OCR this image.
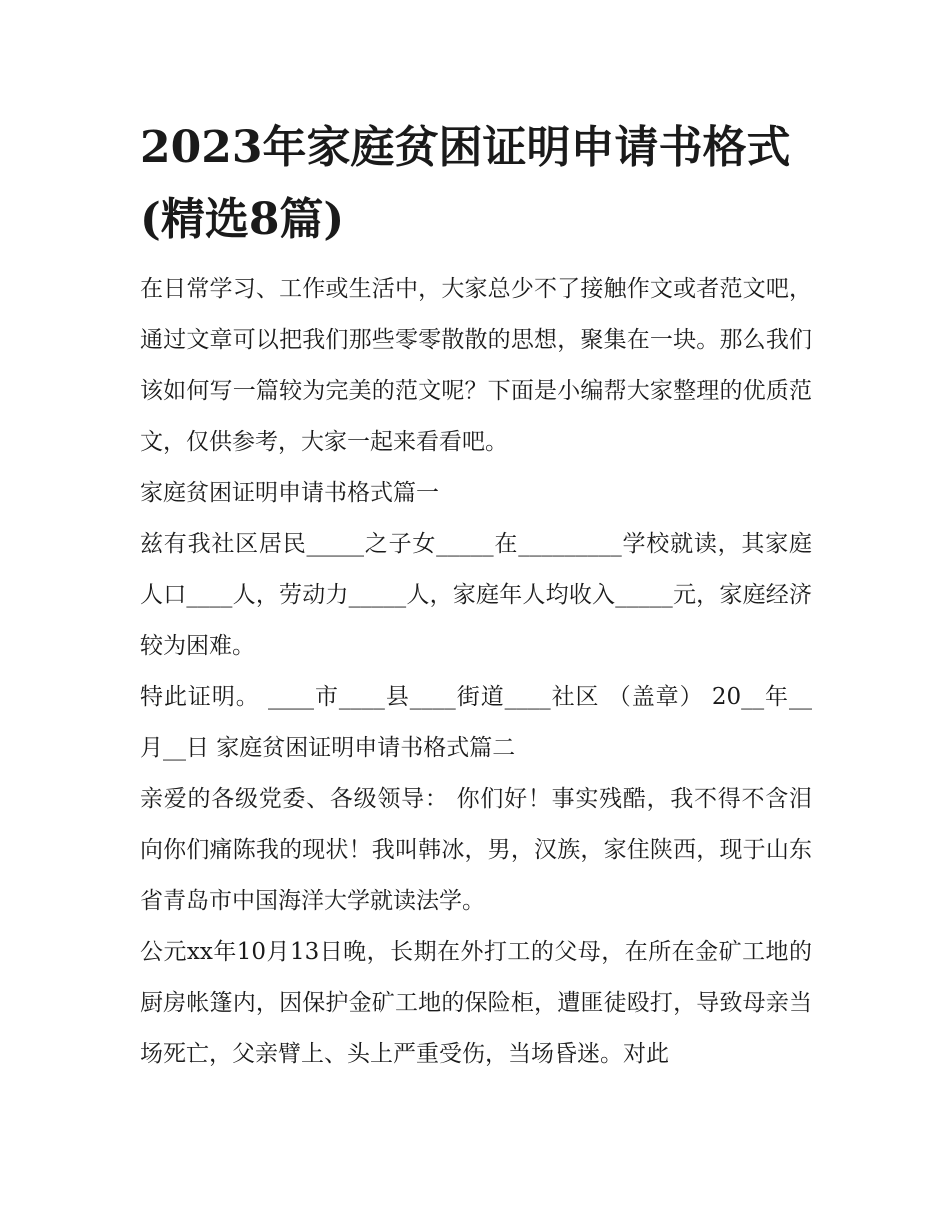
2023年家庭贫困证明申请书格式(精选8篇)

在日常学习、工作或生活中，大家总少不了接触作文或者范文吧，通过文章可以把我们那些零零散散的思想，聚集在一块。那么我们该如何写一篇较为完美的范文呢？下面是小编帮大家整理的优质范文，仅供参考，大家一起来看看吧。

家庭贫困证明申请书格式篇一

兹有我社区居民_____之子女_____在_________学校就读，其家庭人口____人，劳动力_____人，家庭年人均收入_____元，家庭经济较为困难。

特此证明。 ____市____县____街道____社区 （盖章） 20__年__月__日 家庭贫困证明申请书格式篇二

亲爱的各级党委、各级领导： 你们好！事实残酷，我不得不含泪向你们痛陈我的现状！我叫韩冰，男，汉族，家住陕西，现于山东省青岛市中国海洋大学就读法学。

公元xx年10月13日晚，长期在外打工的父母，在所在金矿工地的厨房帐篷内，因保护金矿工地的保险柜，遭匪徒殴打，导致母亲当场死亡，父亲臂上、头上严重受伤，当场昏迷。对此
